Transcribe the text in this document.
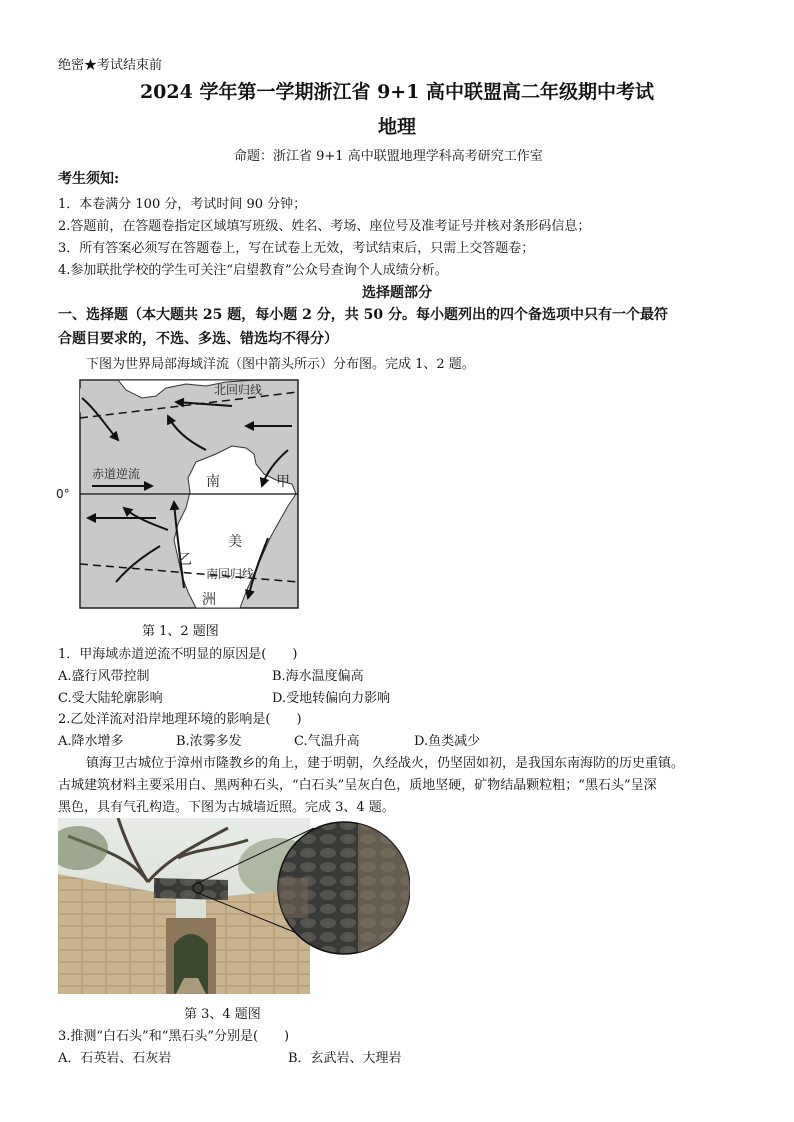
绝密★考试结束前
2024 学年第一学期浙江省 9+1 高中联盟高二年级期中考试
地理
命题：浙江省 9+1 高中联盟地理学科高考研究工作室
考生须知:
1．本卷满分 100 分，考试时间 90 分钟；
2.答题前，在答题卷指定区域填写班级、姓名、考场、座位号及准考证号并核对条形码信息；
3．所有答案必须写在答题卷上，写在试卷上无效，考试结束后，只需上交答题卷；
4.参加联批学校的学生可关注“启望教育”公众号查询个人成绩分析。
选择题部分
一、选择题（本大题共 25 题，每小题 2 分，共 50 分。每小题列出的四个备选项中只有一个最符
合题目要求的，不选、多选、错选均不得分）
下图为世界局部海域洋流（图中箭头所示）分布图。完成 1、2 题。
北回归线
赤道逆流
0°
甲
乙
南
美
洲
南回归线
第 1、2 题图
1．甲海域赤道逆流不明显的原因是(　　)
A.盛行风带控制	B.海水温度偏高
C.受大陆轮廓影响	D.受地转偏向力影响
2.乙处洋流对沿岸地理环境的影响是(　　)
A.降水增多	B.浓雾多发	C.气温升高	D.鱼类减少
镇海卫古城位于漳州市隆教乡的角上，建于明朝，久经战火，仍坚固如初，是我国东南海防的历史重镇。
古城建筑材料主要采用白、黑两种石头，“白石头”呈灰白色，质地坚硬，矿物结晶颗粒粗；“黑石头”呈深
黑色，具有气孔构造。下图为古城墙近照。完成 3、4 题。
第 3、4 题图
3.推测“白石头”和“黑石头”分别是(　　)
A．石英岩、石灰岩	B．玄武岩、大理岩
